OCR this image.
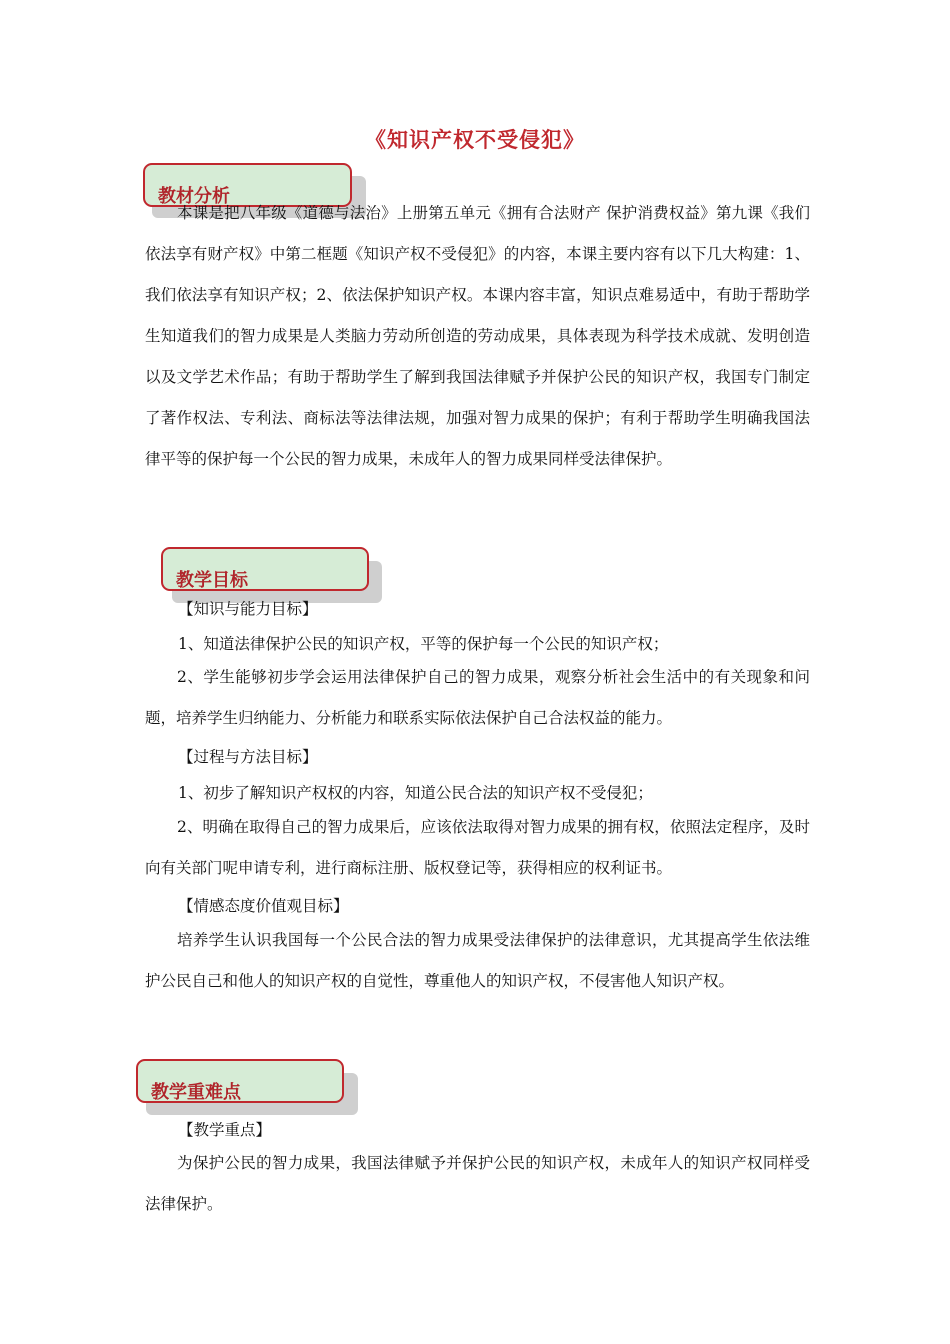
《知识产权不受侵犯》
教材分析

本课是把八年级《道德与法治》上册第五单元《拥有合法财产 保护消费权益》第九课《我们依法享有财产权》中第二框题《知识产权不受侵犯》的内容，本课主要内容有以下几大构建：1、我们依法享有知识产权；2、依法保护知识产权。本课内容丰富，知识点难易适中，有助于帮助学生知道我们的智力成果是人类脑力劳动所创造的劳动成果，具体表现为科学技术成就、发明创造以及文学艺术作品；有助于帮助学生了解到我国法律赋予并保护公民的知识产权，我国专门制定了著作权法、专利法、商标法等法律法规，加强对智力成果的保护；有利于帮助学生明确我国法律平等的保护每一个公民的智力成果，未成年人的智力成果同样受法律保护。

教学目标
【知识与能力目标】
1、知道法律保护公民的知识产权，平等的保护每一个公民的知识产权；

2、学生能够初步学会运用法律保护自己的智力成果，观察分析社会生活中的有关现象和问题，培养学生归纳能力、分析能力和联系实际依法保护自己合法权益的能力。

【过程与方法目标】
1、初步了解知识产权权的内容，知道公民合法的知识产权不受侵犯；

2、明确在取得自己的智力成果后，应该依法取得对智力成果的拥有权，依照法定程序，及时向有关部门呢申请专利，进行商标注册、版权登记等，获得相应的权利证书。

【情感态度价值观目标】

培养学生认识我国每一个公民合法的智力成果受法律保护的法律意识，尤其提高学生依法维护公民自己和他人的知识产权的自觉性，尊重他人的知识产权，不侵害他人知识产权。

教学重难点
【教学重点】

为保护公民的智力成果，我国法律赋予并保护公民的知识产权，未成年人的知识产权同样受法律保护。
